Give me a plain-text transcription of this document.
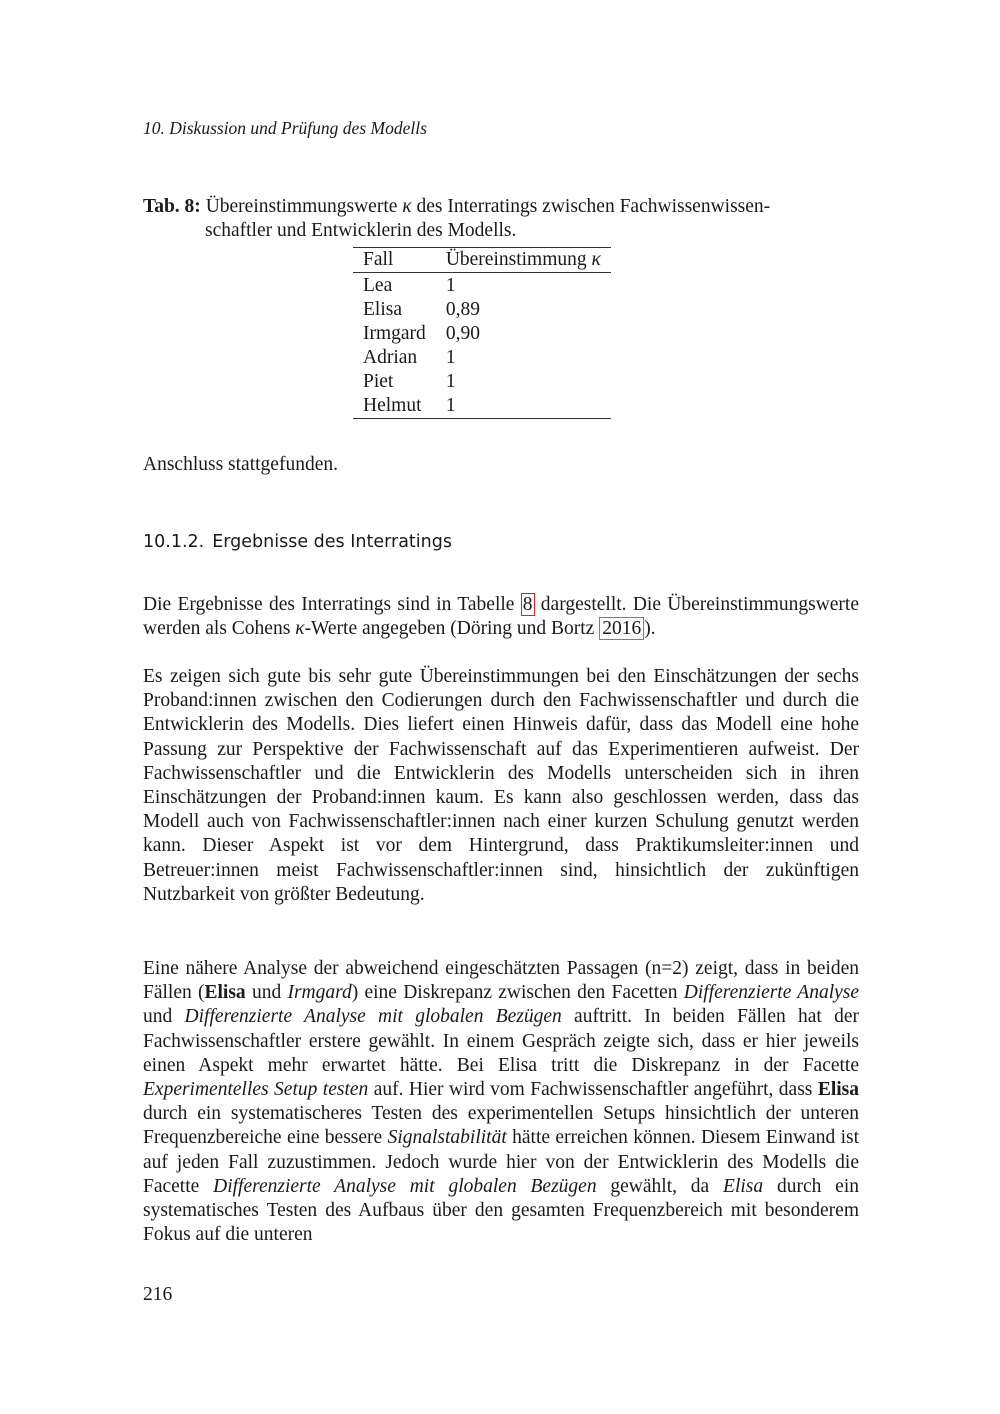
10. Diskussion und Prüfung des Modells
Tab. 8: Übereinstimmungswerte κ des Interratings zwischen Fachwissenwissen-
schaftler und Entwicklerin des Modells.
Fall	Übereinstimmung κ
Lea	1
Elisa	0,89
Irmgard	0,90
Adrian	1
Piet	1
Helmut	1

Anschluss stattgefunden.

10.1.2. Ergebnisse des Interratings

Die Ergebnisse des Interratings sind in Tabelle 8 dargestellt. Die Übereinstimmungswerte werden als Cohens κ-Werte angegeben (Döring und Bortz 2016 ).

Es zeigen sich gute bis sehr gute Übereinstimmungen bei den Einschätzungen der sechs Proband:innen zwischen den Codierungen durch den Fachwissenschaftler und durch die Entwicklerin des Modells. Dies liefert einen Hinweis dafür, dass das Modell eine hohe Passung zur Perspektive der Fachwissenschaft auf das Experimentieren aufweist. Der Fachwissenschaftler und die Entwicklerin des Modells unterscheiden sich in ihren Einschätzungen der Proband:innen kaum. Es kann also geschlossen werden, dass das Modell auch von Fachwissenschaftler:innen nach einer kurzen Schulung genutzt werden kann. Dieser Aspekt ist vor dem Hintergrund, dass Praktikumsleiter:innen und Betreuer:innen meist Fachwissenschaftler:innen sind, hinsichtlich der zukünftigen Nutzbarkeit von größter Bedeutung.

Eine nähere Analyse der abweichend eingeschätzten Passagen (n=2) zeigt, dass in beiden Fällen (Elisa und Irmgard) eine Diskrepanz zwischen den Facetten Differenzierte Analyse und Differenzierte Analyse mit globalen Bezügen auftritt. In beiden Fällen hat der Fachwissenschaftler erstere gewählt. In einem Gespräch zeigte sich, dass er hier jeweils einen Aspekt mehr erwartet hätte. Bei Elisa tritt die Diskrepanz in der Facette Experimentelles Setup testen auf. Hier wird vom Fachwissenschaftler angeführt, dass Elisa durch ein systematischeres Testen des experimentellen Setups hinsichtlich der unteren Frequenzbereiche eine bessere Signalstabilität hätte erreichen können. Diesem Einwand ist auf jeden Fall zuzustimmen. Jedoch wurde hier von der Entwicklerin des Modells die Facette Differenzierte Analyse mit globalen Bezügen gewählt, da Elisa durch ein systematisches Testen des Aufbaus über den gesamten Frequenzbereich mit besonderem Fokus auf die unteren

216
